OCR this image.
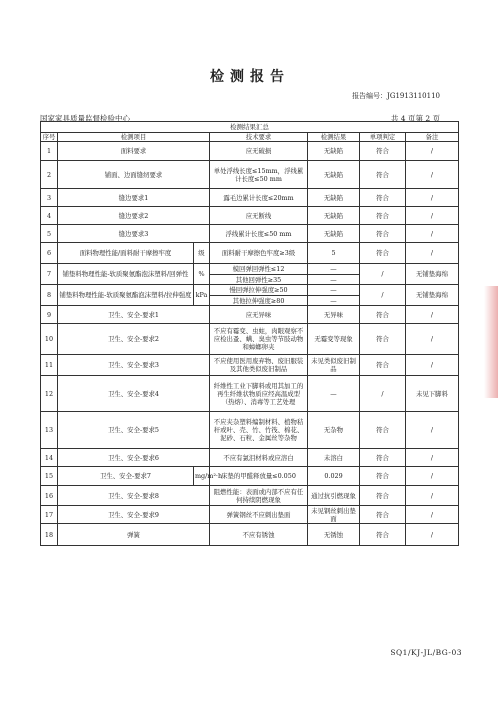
检测报告
报告编号：JG1913110110
国家家具质量监督检验中心	共 4 页第 2 页
检测结果汇总						
序号	检测项目		技术要求	检测结果	单项判定	备注
1	面料要求		应无破损	无缺陷	符合	/
2	铺面、边面缝纫要求		单处浮线长度≤15mm，浮线累计长度≤50 mm	无缺陷	符合	/
3	缝边要求1		露毛边累计长度≤20mm	无缺陷	符合	/
4	缝边要求2		应无断线	无缺陷	符合	/
5	缝边要求3		浮线累计长度≤50 mm	无缺陷	符合	/
6	面料物理性能/面料耐干摩擦牢度	级	面料耐干摩擦色牢度≥3级	5	符合	/
7	铺垫料物理性能-软质聚氨酯泡沫塑料/回弹性	%	模回弹回弹性≤12	—	/	无铺垫海绵
			其他回弹性≥35	—		
8	铺垫料物理性能-软质聚氨酯泡沫塑料/拉伸强度	kPa	慢回弹拉伸强度≥50	—	/	无铺垫海绵
			其他拉伸强度≥80	—		
9	卫生、安全-要求1		应无异味	无异味	符合	/
10	卫生、安全-要求2		不应有霉变、虫蛀，肉眼观察不应检出蚤、螨、臭虫等节肢动物和蟑螂卵夹	无霉变等现象	符合	/
11	卫生、安全-要求3		不应使用医用废弃物、废旧服装及其他类似废旧制品	未见类似废旧制品	符合	/
12	卫生、安全-要求4		纤维性工业下脚料或用其加工的再生纤维状物质应经高温成型（热熔）、消毒等工艺处理	—	/	未见下脚料
13	卫生、安全-要求5		不应夹杂塑料编制材料、植物秸秆或叶、壳、竹、竹筏、棉花、泥砂、石粒、金属丝等杂物	无杂物	符合	/
14	卫生、安全-要求6		不应有氯泪材料或应溶白	未溶白	符合	/
15	卫生、安全-要求7	mg/m²·h	床垫的甲醛释放量≤0.050	0.029	符合	/
16	卫生、安全-要求8		阻燃性能：表面或内部不应有任何持续阴燃现象	通过抗引燃现象	符合	/
17	卫生、安全-要求9		弹簧钢丝不应刺出垫面	未见钢丝刺出垫面	符合	/
18	弹簧		不应有锈蚀	无锈蚀	符合	/
SQ1/KJ-JL/BG-03
